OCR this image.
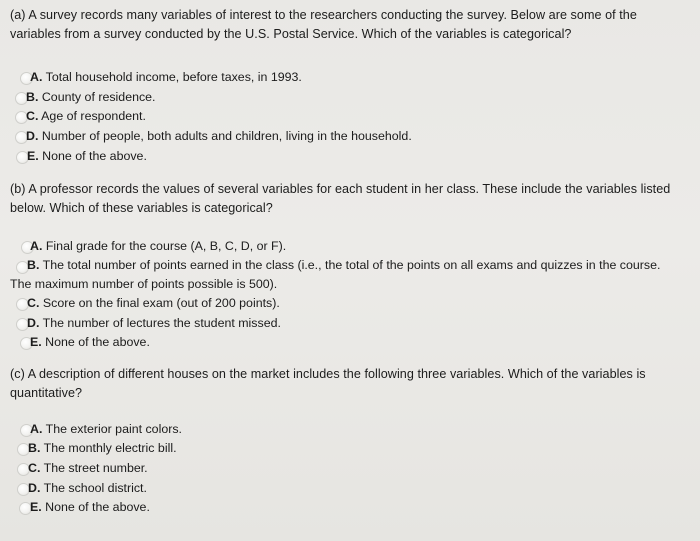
(a) A survey records many variables of interest to the researchers conducting the survey. Below are some of the variables from a survey conducted by the U.S. Postal Service. Which of the variables is categorical?
A. Total household income, before taxes, in 1993.
B. County of residence.
C. Age of respondent.
D. Number of people, both adults and children, living in the household.
E. None of the above.
(b) A professor records the values of several variables for each student in her class. These include the variables listed below. Which of these variables is categorical?
A. Final grade for the course (A, B, C, D, or F).
B. The total number of points earned in the class (i.e., the total of the points on all exams and quizzes in the course. The maximum number of points possible is 500).
C. Score on the final exam (out of 200 points).
D. The number of lectures the student missed.
E. None of the above.
(c) A description of different houses on the market includes the following three variables. Which of the variables is quantitative?
A. The exterior paint colors.
B. The monthly electric bill.
C. The street number.
D. The school district.
E. None of the above.
